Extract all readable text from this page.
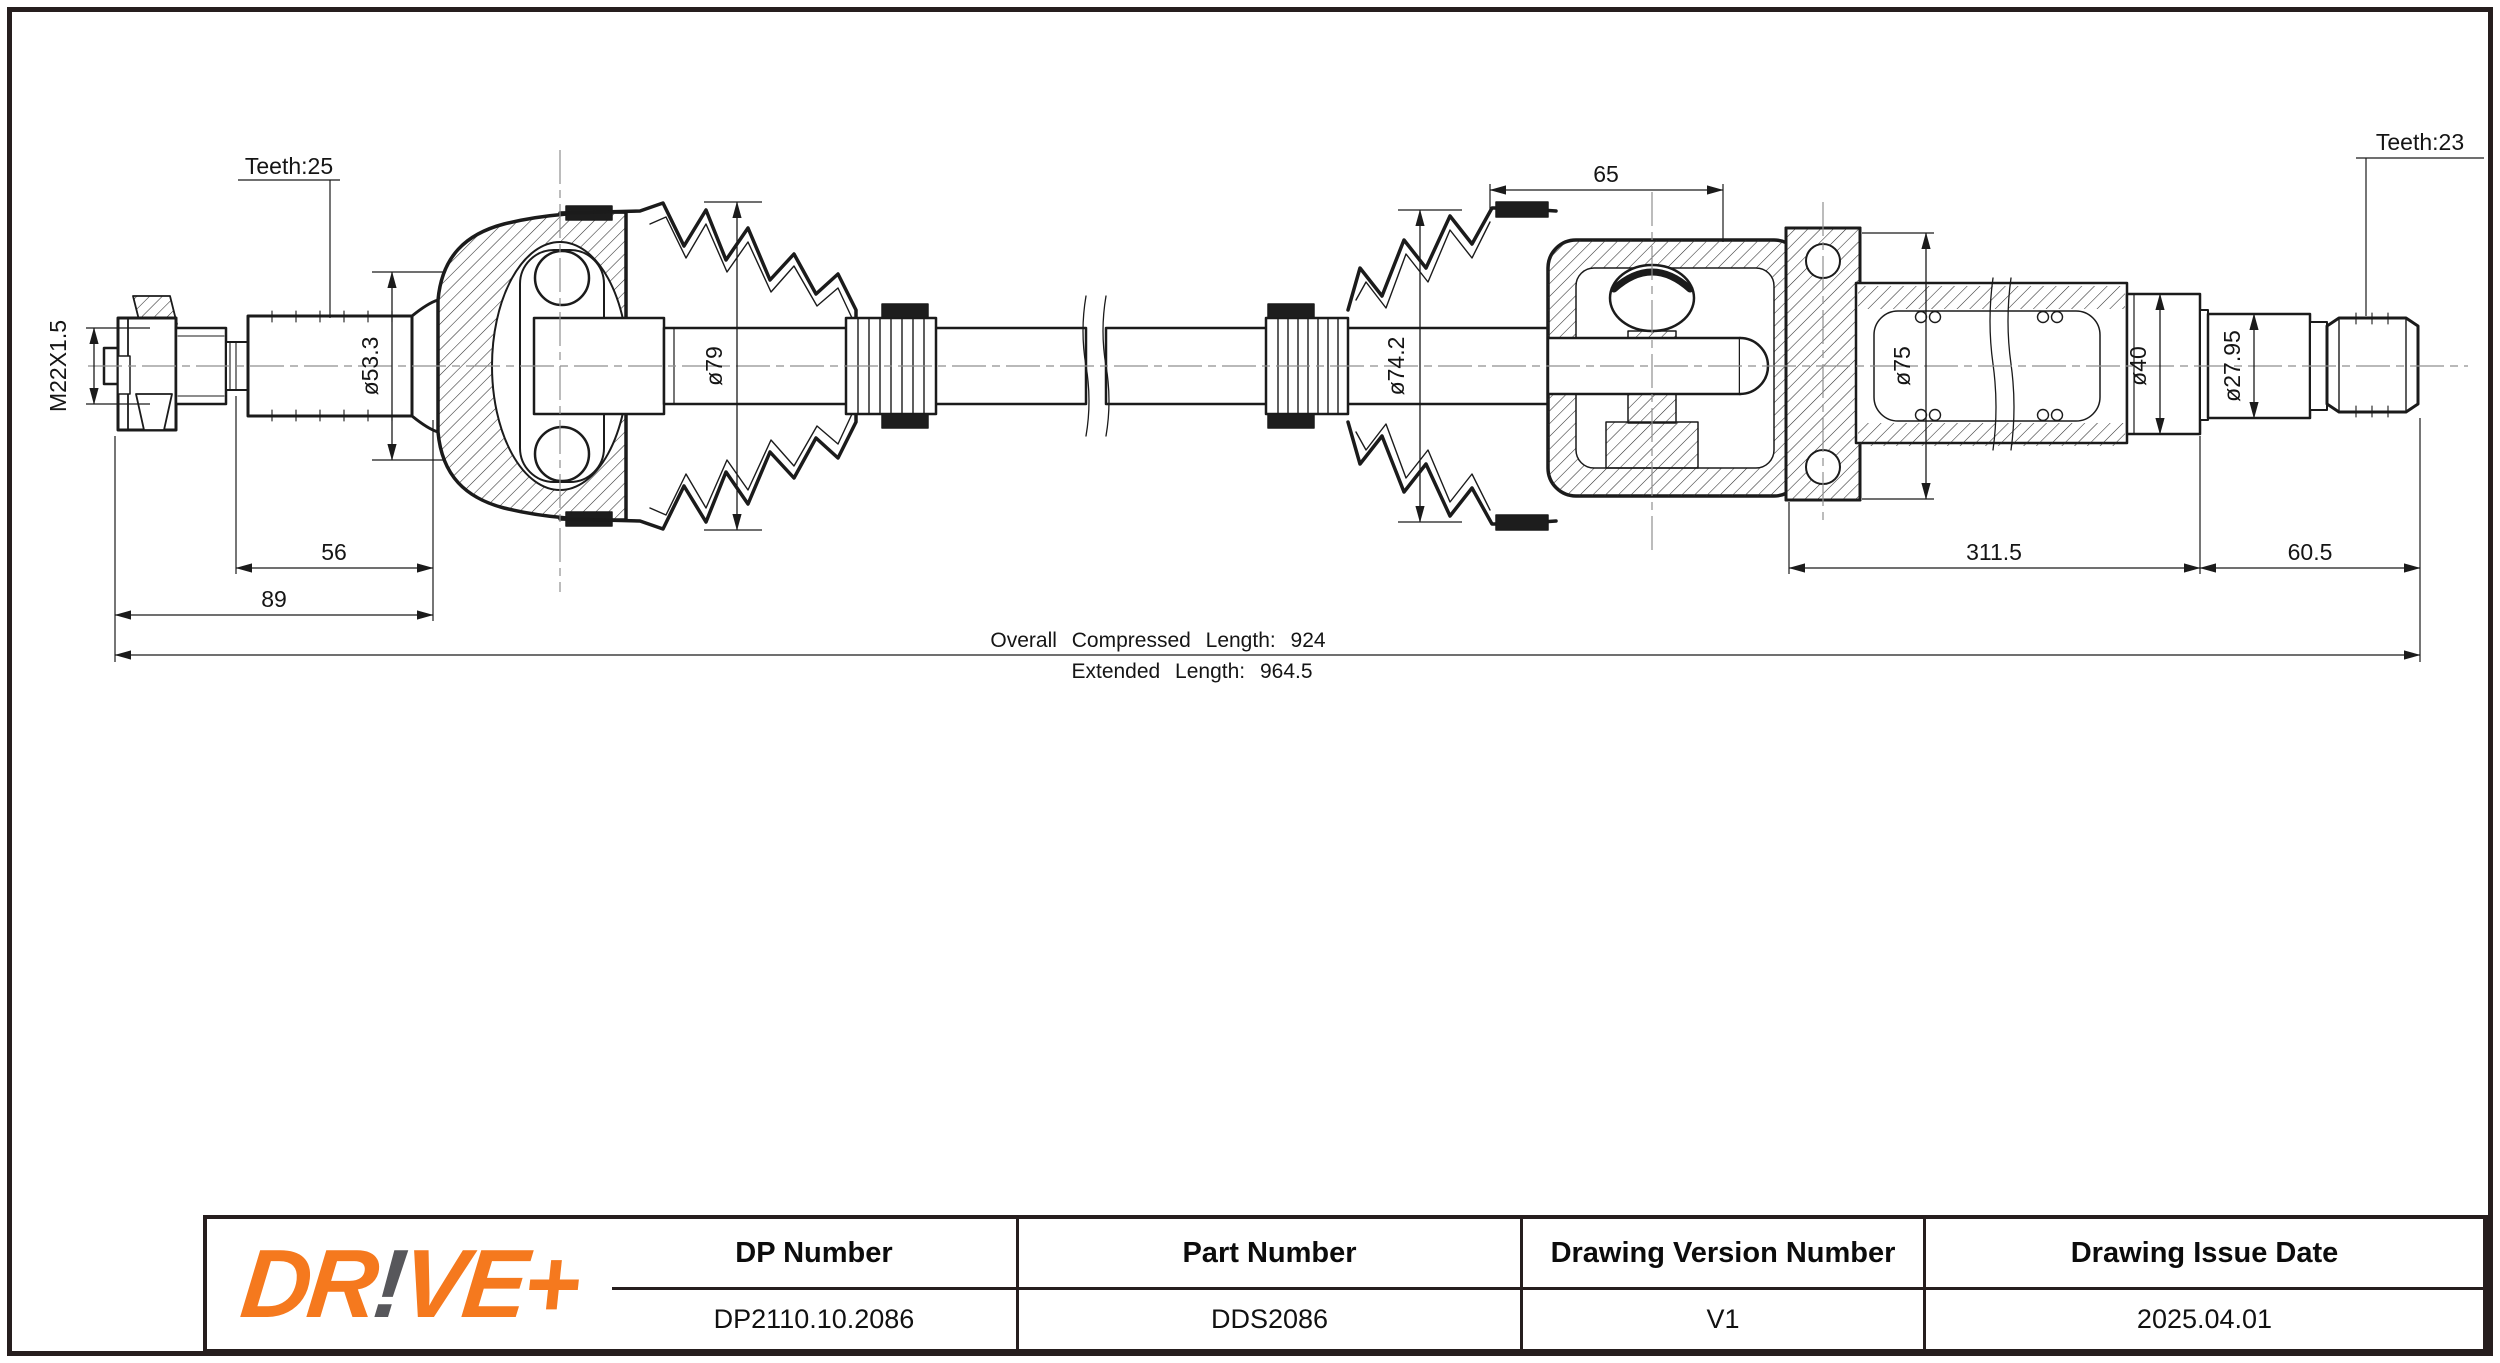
Teeth:25
M22X1.5	ø53.3
56
89
ø79
65
ø74.2	ø75	ø40	ø27.95
311.5	60.5
Teeth:23
Overall Compressed Length: 924
Extended Length: 964.5
DP Number	Part Number	Drawing Version Number	Drawing Issue Date
DR!VE+	DP2110.10.2086	DDS2086	V1	2025.04.01
